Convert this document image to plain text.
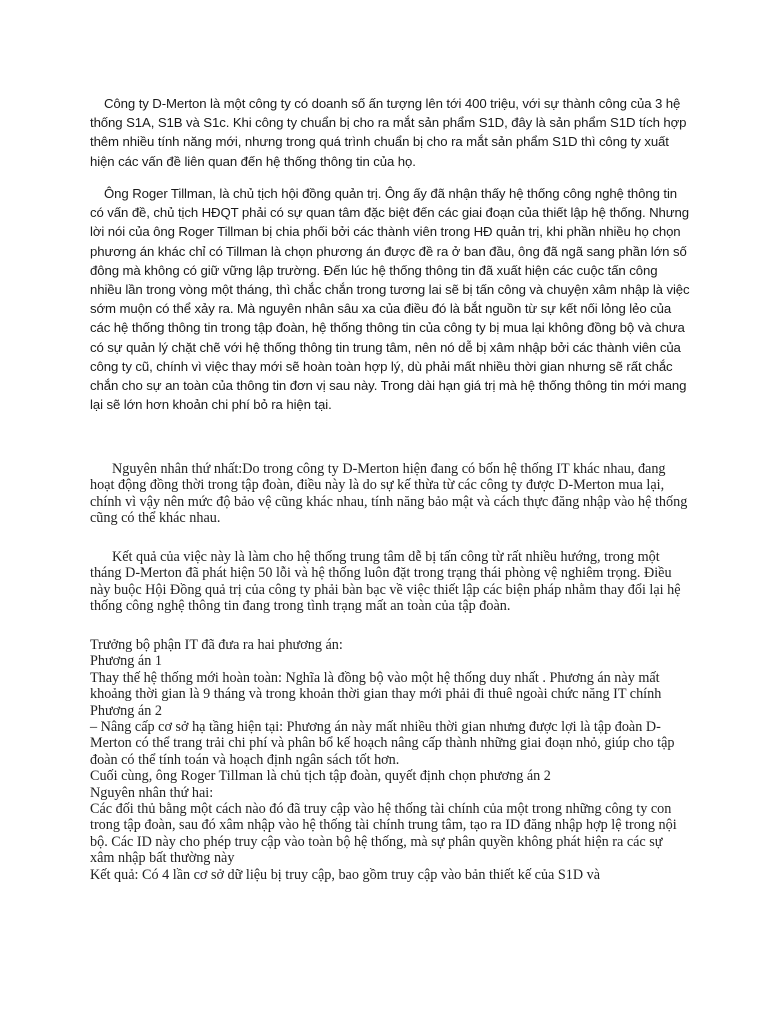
Công ty D-Merton là một công ty có doanh số ấn tượng lên tới 400 triệu, với sự thành công của 3 hệ thống S1A, S1B và S1c. Khi công ty chuẩn bị cho ra mắt sản phẩm S1D, đây là sản phẩm S1D tích hợp thêm nhiều tính năng mới, nhưng trong quá trình chuẩn bị cho ra mắt sản phẩm S1D thì công ty xuất hiện các vấn đề liên quan đến hệ thống thông tin của họ.

Ông Roger Tillman, là chủ tịch hội đồng quản trị. Ông ấy đã nhận thấy hệ thống công nghệ thông tin có vấn đề, chủ tịch HĐQT phải có sự quan tâm đặc biệt đến các giai đoạn của thiết lập hệ thống. Nhưng lời nói của ông Roger Tillman bị chia phối bởi các thành viên trong HĐ quản trị, khi phần nhiều họ chọn phương án khác chỉ có Tillman là chọn phương án được đề ra ở ban đầu, ông đã ngã sang phần lớn số đông mà không có giữ vững lập trường. Đến lúc hệ thống thông tin đã xuất hiện các cuộc tấn công nhiều lần trong vòng một tháng, thì chắc chắn trong tương lai sẽ bị tấn công và chuyện xâm nhập là việc sớm muộn có thể xảy ra. Mà nguyên nhân sâu xa của điều đó là bắt nguồn từ sự kết nối lỏng lẻo của các hệ thống thông tin trong tập đoàn, hệ thống thông tin của công ty bị mua lại không đồng bộ và chưa có sự quản lý chặt chẽ với hệ thống thông tin trung tâm, nên nó dễ bị xâm nhập bởi các thành viên của công ty cũ, chính vì việc thay mới sẽ hoàn toàn hợp lý, dù phải mất nhiều thời gian nhưng sẽ rất chắc chắn cho sự an toàn của thông tin đơn vị sau này. Trong dài hạn giá trị mà hệ thống thông tin mới mang lại sẽ lớn hơn khoản chi phí bỏ ra hiện tại.

Nguyên nhân thứ nhất:Do trong công ty D-Merton hiện đang có bốn hệ thống IT khác nhau, đang hoạt động đồng thời trong tập đoàn, điều này là do sự kế thừa từ các công ty được D-Merton mua lại, chính vì vậy nên mức độ bảo vệ cũng khác nhau, tính năng bảo mật và cách thực đăng nhập vào hệ thống cũng có thể khác nhau.

Kết quả của việc này là làm cho hệ thống trung tâm dễ bị tấn công từ rất nhiều hướng, trong một tháng D-Merton đã phát hiện 50 lỗi và hệ thống luôn đặt trong trạng thái phòng vệ nghiêm trọng. Điều này buộc Hội Đồng quả trị của công ty phải bàn bạc về việc thiết lập các biện pháp nhằm thay đổi lại hệ thống công nghệ thông tin đang trong tình trạng mất an toàn của tập đoàn.

Trưởng bộ phận IT đã đưa ra hai phương án:
Phương án 1
Thay thế hệ thống mới hoàn toàn: Nghĩa là đồng bộ vào một hệ thống duy nhất . Phương án này mất khoảng thời gian là 9 tháng và trong khoản thời gian thay mới phải đi thuê ngoài chức năng IT chính
Phương án 2
– Nâng cấp cơ sở hạ tầng hiện tại: Phương án này mất nhiều thời gian nhưng được lợi là tập đoàn D-Merton có thể trang trải chi phí và phân bổ kế hoạch nâng cấp thành những giai đoạn nhỏ, giúp cho tập đoàn có thể tính toán và hoạch định ngân sách tốt hơn.
Cuối cùng, ông Roger Tillman là chủ tịch tập đoàn, quyết định chọn phương án 2
Nguyên nhân thứ hai:
Các đối thủ bằng một cách nào đó đã truy cập vào hệ thống tài chính của một trong những công ty con trong tập đoàn, sau đó xâm nhập vào hệ thống tài chính trung tâm, tạo ra ID đăng nhập hợp lệ trong nội bộ. Các ID này cho phép truy cập vào toàn bộ hệ thống, mà sự phân quyền không phát hiện ra các sự xâm nhập bất thường này
Kết quả: Có 4 lần cơ sở dữ liệu bị truy cập, bao gồm truy cập vào bản thiết kế của S1D và
